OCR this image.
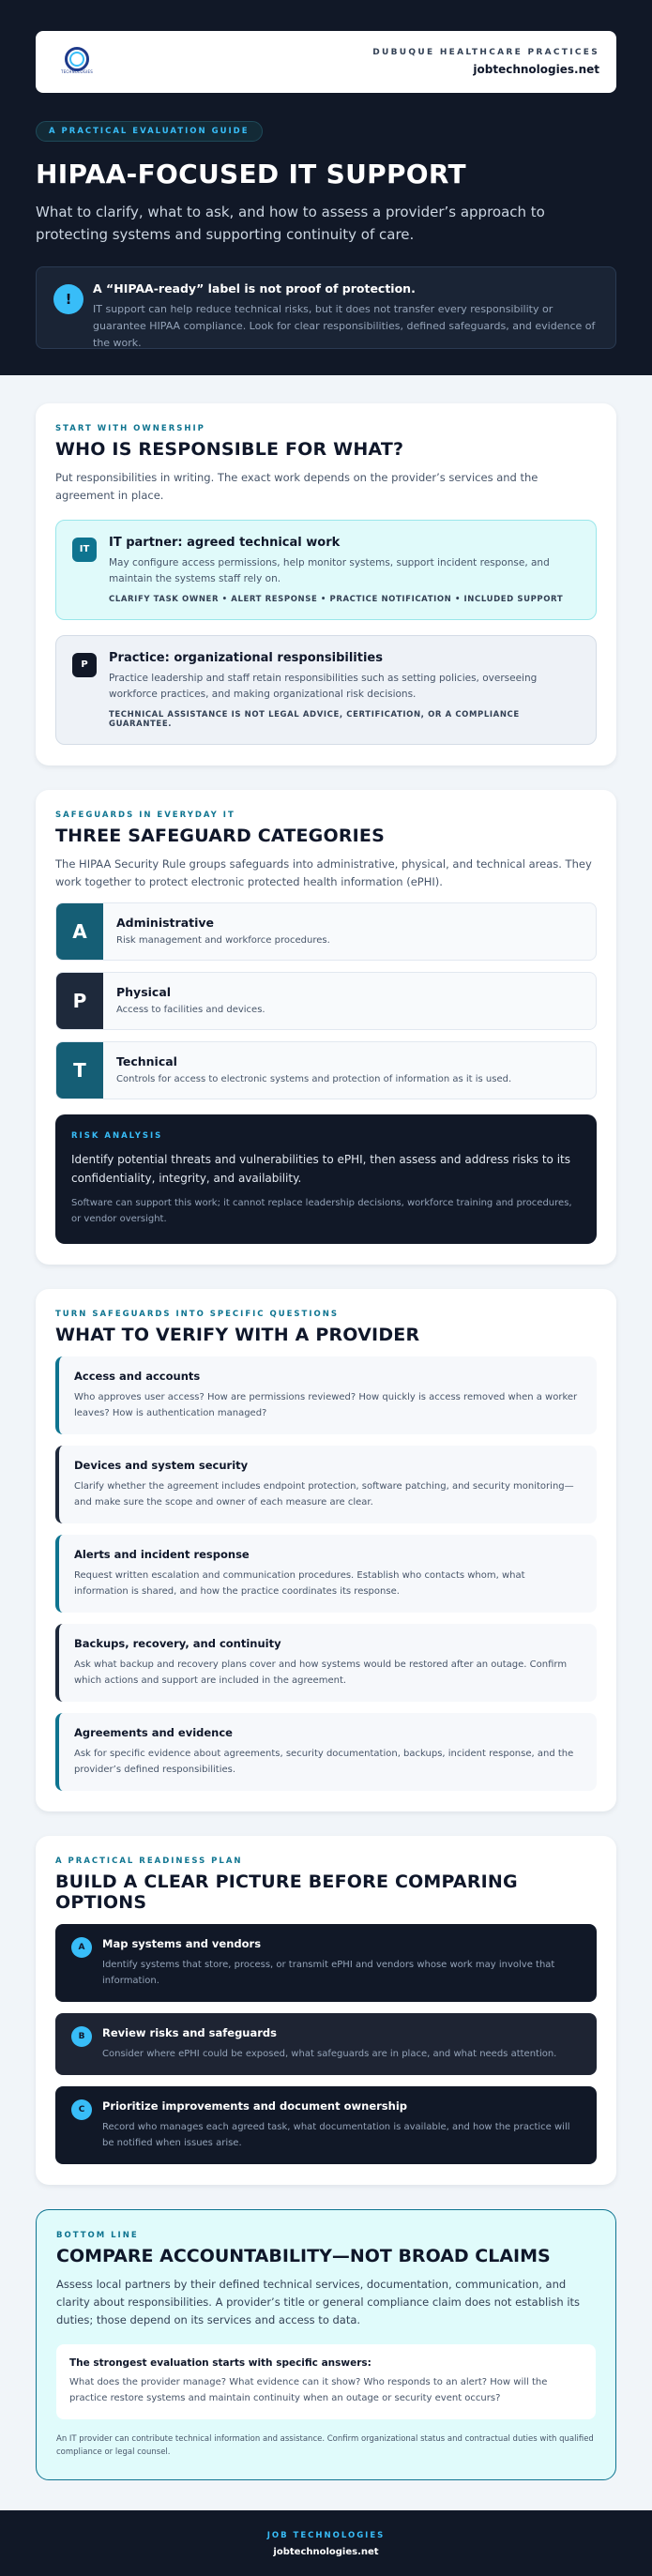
TECHNOLOGIES
DUBUQUE HEALTHCARE PRACTICES
jobtechnologies.net
A PRACTICAL EVALUATION GUIDE
HIPAA-FOCUSED IT SUPPORT

What to clarify, what to ask, and how to assess a provider’s approach to protecting systems and supporting continuity of care.

!
A “HIPAA-ready” label is not proof of protection.

IT support can help reduce technical risks, but it does not transfer every responsibility or guarantee HIPAA compliance. Look for clear responsibilities, defined safeguards, and evidence of the work.

START WITH OWNERSHIP
WHO IS RESPONSIBLE FOR WHAT?

Put responsibilities in writing. The exact work depends on the provider’s services and the agreement in place.

IT	IT partner: agreed technical work

May configure access permissions, help monitor systems, support incident response, and maintain the systems staff rely on.

CLARIFY TASK OWNER • ALERT RESPONSE • PRACTICE NOTIFICATION • INCLUDED SUPPORT
P	Practice: organizational responsibilities

Practice leadership and staff retain responsibilities such as setting policies, overseeing workforce practices, and making organizational risk decisions.

TECHNICAL ASSISTANCE IS NOT LEGAL ADVICE, CERTIFICATION, OR A COMPLIANCE GUARANTEE.
SAFEGUARDS IN EVERYDAY IT
THREE SAFEGUARD CATEGORIES

The HIPAA Security Rule groups safeguards into administrative, physical, and technical areas. They work together to protect electronic protected health information (ePHI).

A	Administrative

Risk management and workforce procedures.

P	Physical

Access to facilities and devices.

T	Technical

Controls for access to electronic systems and protection of information as it is used.

RISK ANALYSIS

Identify potential threats and vulnerabilities to ePHI, then assess and address risks to its confidentiality, integrity, and availability.

Software can support this work; it cannot replace leadership decisions, workforce training and procedures, or vendor oversight.

TURN SAFEGUARDS INTO SPECIFIC QUESTIONS
WHAT TO VERIFY WITH A PROVIDER
Access and accounts

Who approves user access? How are permissions reviewed? How quickly is access removed when a worker leaves? How is authentication managed?

Devices and system security

Clarify whether the agreement includes endpoint protection, software patching, and security monitoring—and make sure the scope and owner of each measure are clear.

Alerts and incident response

Request written escalation and communication procedures. Establish who contacts whom, what information is shared, and how the practice coordinates its response.

Backups, recovery, and continuity

Ask what backup and recovery plans cover and how systems would be restored after an outage. Confirm which actions and support are included in the agreement.

Agreements and evidence

Ask for specific evidence about agreements, security documentation, backups, incident response, and the provider’s defined responsibilities.

A PRACTICAL READINESS PLAN
BUILD A CLEAR PICTURE BEFORE COMPARING OPTIONS
A	Map systems and vendors

Identify systems that store, process, or transmit ePHI and vendors whose work may involve that information.

B	Review risks and safeguards

Consider where ePHI could be exposed, what safeguards are in place, and what needs attention.

C	Prioritize improvements and document ownership

Record who manages each agreed task, what documentation is available, and how the practice will be notified when issues arise.

BOTTOM LINE
COMPARE ACCOUNTABILITY—NOT BROAD CLAIMS

Assess local partners by their defined technical services, documentation, communication, and clarity about responsibilities. A provider’s title or general compliance claim does not establish its duties; those depend on its services and access to data.

The strongest evaluation starts with specific answers:

What does the provider manage? What evidence can it show? Who responds to an alert? How will the practice restore systems and maintain continuity when an outage or security event occurs?

An IT provider can contribute technical information and assistance. Confirm organizational status and contractual duties with qualified compliance or legal counsel.

JOB TECHNOLOGIES
jobtechnologies.net
